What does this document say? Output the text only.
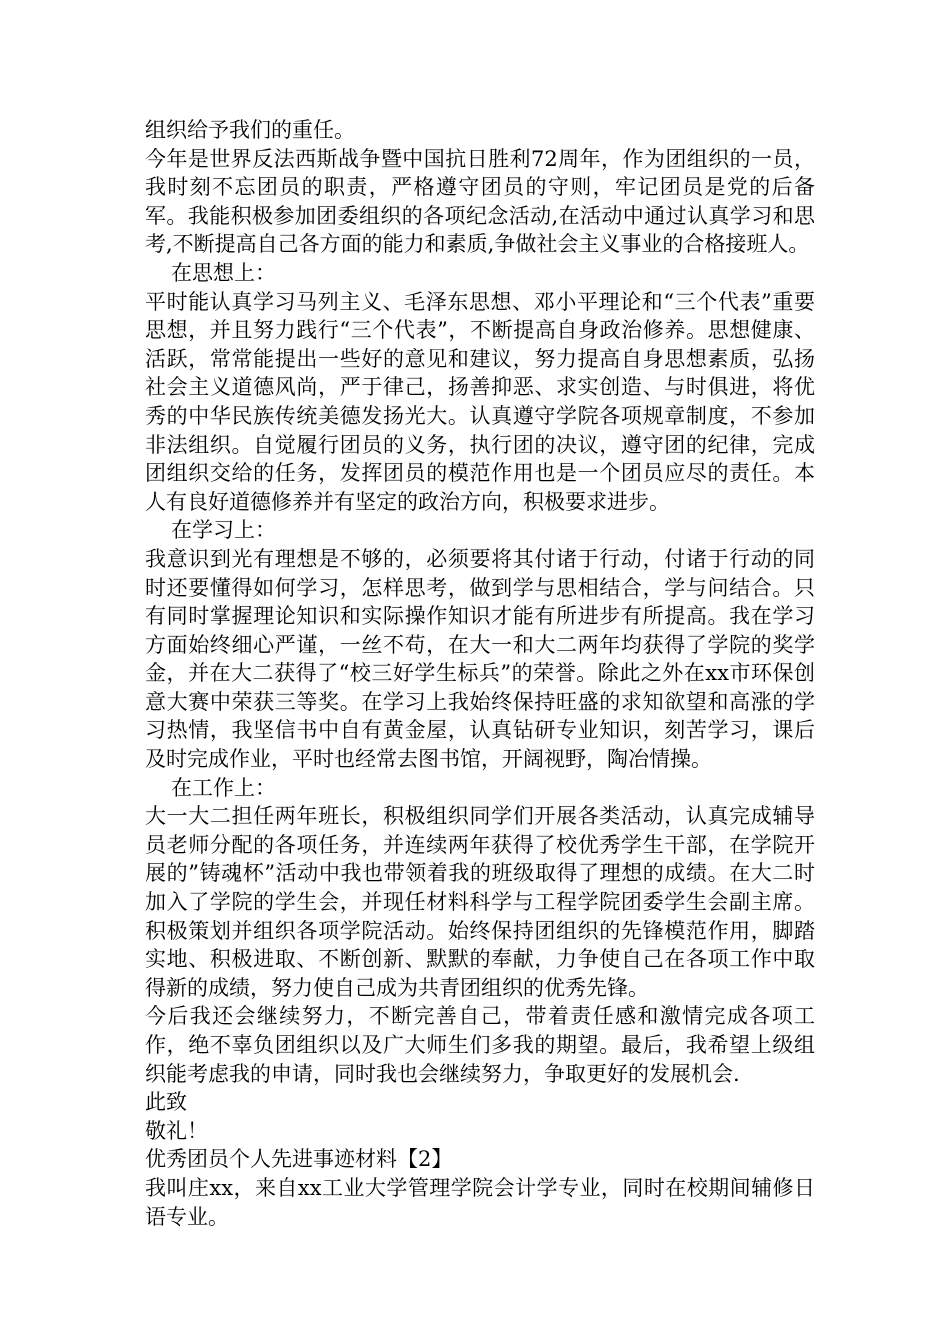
组织给予我们的重任。

今年是世界反法西斯战争暨中国抗日胜利72周年，作为团组织的一员，我时刻不忘团员的职责，严格遵守团员的守则，牢记团员是党的后备军。我能积极参加团委组织的各项纪念活动,在活动中通过认真学习和思考,不断提高自己各方面的能力和素质,争做社会主义事业的合格接班人。

在思想上：

平时能认真学习马列主义、毛泽东思想、邓小平理论和“三个代表”重要思想，并且努力践行“三个代表”，不断提高自身政治修养。思想健康、活跃，常常能提出一些好的意见和建议，努力提高自身思想素质，弘扬社会主义道德风尚，严于律己，扬善抑恶、求实创造、与时俱进，将优秀的中华民族传统美德发扬光大。认真遵守学院各项规章制度，不参加非法组织。自觉履行团员的义务，执行团的决议，遵守团的纪律，完成团组织交给的任务，发挥团员的模范作用也是一个团员应尽的责任。本人有良好道德修养并有坚定的政治方向，积极要求进步。

在学习上：

我意识到光有理想是不够的，必须要将其付诸于行动，付诸于行动的同时还要懂得如何学习，怎样思考，做到学与思相结合，学与问结合。只有同时掌握理论知识和实际操作知识才能有所进步有所提高。我在学习方面始终细心严谨，一丝不苟，在大一和大二两年均获得了学院的奖学金，并在大二获得了“校三好学生标兵”的荣誉。除此之外在xx市环保创意大赛中荣获三等奖。在学习上我始终保持旺盛的求知欲望和高涨的学习热情，我坚信书中自有黄金屋，认真钻研专业知识，刻苦学习，课后及时完成作业，平时也经常去图书馆，开阔视野，陶冶情操。

在工作上：

大一大二担任两年班长，积极组织同学们开展各类活动，认真完成辅导员老师分配的各项任务，并连续两年获得了校优秀学生干部，在学院开展的”铸魂杯”活动中我也带领着我的班级取得了理想的成绩。在大二时加入了学院的学生会，并现任材料科学与工程学院团委学生会副主席。积极策划并组织各项学院活动。始终保持团组织的先锋模范作用，脚踏实地、积极进取、不断创新、默默的奉献，力争使自己在各项工作中取得新的成绩，努力使自己成为共青团组织的优秀先锋。

今后我还会继续努力，不断完善自己，带着责任感和激情完成各项工作，绝不辜负团组织以及广大师生们多我的期望。最后，我希望上级组织能考虑我的申请，同时我也会继续努力，争取更好的发展机会.

此致

敬礼！

优秀团员个人先进事迹材料【2】

我叫庄xx，来自xx工业大学管理学院会计学专业，同时在校期间辅修日语专业。
